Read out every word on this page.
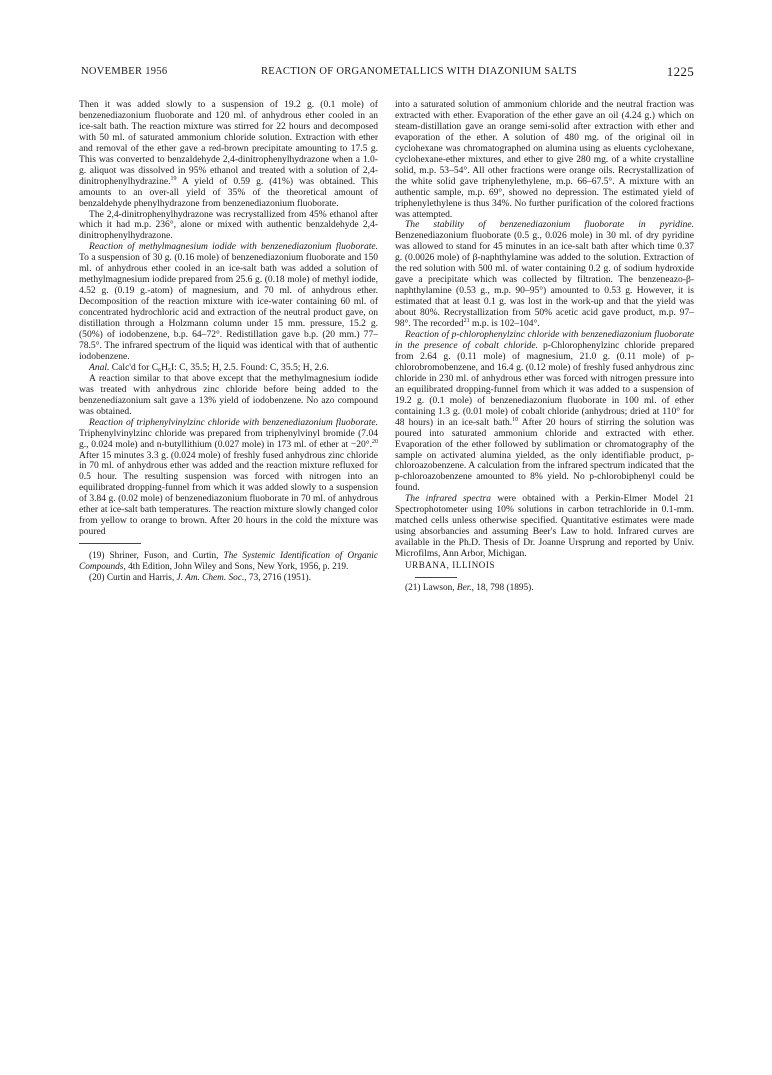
NOVEMBER 1956	REACTION OF ORGANOMETALLICS WITH DIAZONIUM SALTS	1225

Then it was added slowly to a suspension of 19.2 g. (0.1 mole) of benzenediazonium fluoborate and 120 ml. of anhydrous ether cooled in an ice-salt bath. The reaction mixture was stirred for 22 hours and decomposed with 50 ml. of saturated ammonium chloride solution. Extraction with ether and removal of the ether gave a red-brown precipitate amounting to 17.5 g. This was converted to benzaldehyde 2,4-dinitrophenylhydrazone when a 1.0-g. aliquot was dissolved in 95% ethanol and treated with a solution of 2,4-dinitrophenylhydrazine.$^{19}$ A yield of 0.59 g. (41%) was obtained. This amounts to an over-all yield of 35% of the theoretical amount of benzaldehyde phenylhydrazone from benzenediazonium fluoborate.

The 2,4-dinitrophenylhydrazone was recrystallized from 45% ethanol after which it had m.p. 236°, alone or mixed with authentic benzaldehyde 2,4-dinitrophenylhydrazone.

Reaction of methylmagnesium iodide with benzenediazonium fluoborate. To a suspension of 30 g. (0.16 mole) of benzenediazonium fluoborate and 150 ml. of anhydrous ether cooled in an ice-salt bath was added a solution of methylmagnesium iodide prepared from 25.6 g. (0.18 mole) of methyl iodide, 4.52 g. (0.19 g.-atom) of magnesium, and 70 ml. of anhydrous ether. Decomposition of the reaction mixture with ice-water containing 60 ml. of concentrated hydrochloric acid and extraction of the neutral product gave, on distillation through a Holzmann column under 15 mm. pressure, 15.2 g. (50%) of iodobenzene, b.p. 64–72°. Redistillation gave b.p. (20 mm.) 77–78.5°. The infrared spectrum of the liquid was identical with that of authentic iodobenzene.

Anal. Calc'd for $C_6H_5I$: C, 35.5; H, 2.5. Found: C, 35.5; H, 2.6.

A reaction similar to that above except that the methylmagnesium iodide was treated with anhydrous zinc chloride before being added to the benzenediazonium salt gave a 13% yield of iodobenzene. No azo compound was obtained.

Reaction of triphenylvinylzinc chloride with benzenediazonium fluoborate. Triphenylvinylzinc chloride was prepared from triphenylvinyl bromide (7.04 g., 0.024 mole) and n-butyllithium (0.027 mole) in 173 ml. of ether at −20°.$^{20}$ After 15 minutes 3.3 g. (0.024 mole) of freshly fused anhydrous zinc chloride in 70 ml. of anhydrous ether was added and the reaction mixture refluxed for 0.5 hour. The resulting suspension was forced with nitrogen into an equilibrated dropping-funnel from which it was added slowly to a suspension of 3.84 g. (0.02 mole) of benzenediazonium fluoborate in 70 ml. of anhydrous ether at ice-salt bath temperatures. The reaction mixture slowly changed color from yellow to orange to brown. After 20 hours in the cold the mixture was poured

(19) Shriner, Fuson, and Curtin, The Systemic Identification of Organic Compounds, 4th Edition, John Wiley and Sons, New York, 1956, p. 219.

(20) Curtin and Harris, J. Am. Chem. Soc., 73, 2716 (1951).

into a saturated solution of ammonium chloride and the neutral fraction was extracted with ether. Evaporation of the ether gave an oil (4.24 g.) which on steam-distillation gave an orange semi-solid after extraction with ether and evaporation of the ether. A solution of 480 mg. of the original oil in cyclohexane was chromatographed on alumina using as eluents cyclohexane, cyclohexane-ether mixtures, and ether to give 280 mg. of a white crystalline solid, m.p. 53–54°. All other fractions were orange oils. Recrystallization of the white solid gave triphenylethylene, m.p. 66–67.5°. A mixture with an authentic sample, m.p. 69°, showed no depression. The estimated yield of triphenylethylene is thus 34%. No further purification of the colored fractions was attempted.

The stability of benzenediazonium fluoborate in pyridine. Benzenediazonium fluoborate (0.5 g., 0.026 mole) in 30 ml. of dry pyridine was allowed to stand for 45 minutes in an ice-salt bath after which time 0.37 g. (0.0026 mole) of β-naphthylamine was added to the solution. Extraction of the red solution with 500 ml. of water containing 0.2 g. of sodium hydroxide gave a precipitate which was collected by filtration. The benzeneazo-β-naphthylamine (0.53 g., m.p. 90–95°) amounted to 0.53 g. However, it is estimated that at least 0.1 g. was lost in the work-up and that the yield was about 80%. Recrystallization from 50% acetic acid gave product, m.p. 97–98°. The recorded$^{21}$ m.p. is 102–104°.

Reaction of p-chlorophenylzinc chloride with benzenediazonium fluoborate in the presence of cobalt chloride. p-Chlorophenylzinc chloride prepared from 2.64 g. (0.11 mole) of magnesium, 21.0 g. (0.11 mole) of p-chlorobromobenzene, and 16.4 g. (0.12 mole) of freshly fused anhydrous zinc chloride in 230 ml. of anhydrous ether was forced with nitrogen pressure into an equilibrated dropping-funnel from which it was added to a suspension of 19.2 g. (0.1 mole) of benzenediazonium fluoborate in 100 ml. of ether containing 1.3 g. (0.01 mole) of cobalt chloride (anhydrous; dried at 110° for 48 hours) in an ice-salt bath.$^{10}$ After 20 hours of stirring the solution was poured into saturated ammonium chloride and extracted with ether. Evaporation of the ether followed by sublimation or chromatography of the sample on activated alumina yielded, as the only identifiable product, p-chloroazobenzene. A calculation from the infrared spectrum indicated that the p-chloroazobenzene amounted to 8% yield. No p-chlorobiphenyl could be found.

The infrared spectra were obtained with a Perkin-Elmer Model 21 Spectrophotometer using 10% solutions in carbon tetrachloride in 0.1-mm. matched cells unless otherwise specified. Quantitative estimates were made using absorbancies and assuming Beer's Law to hold. Infrared curves are available in the Ph.D. Thesis of Dr. Joanne Ursprung and reported by Univ. Microfilms, Ann Arbor, Michigan.

URBANA, ILLINOIS

(21) Lawson, Ber., 18, 798 (1895).
